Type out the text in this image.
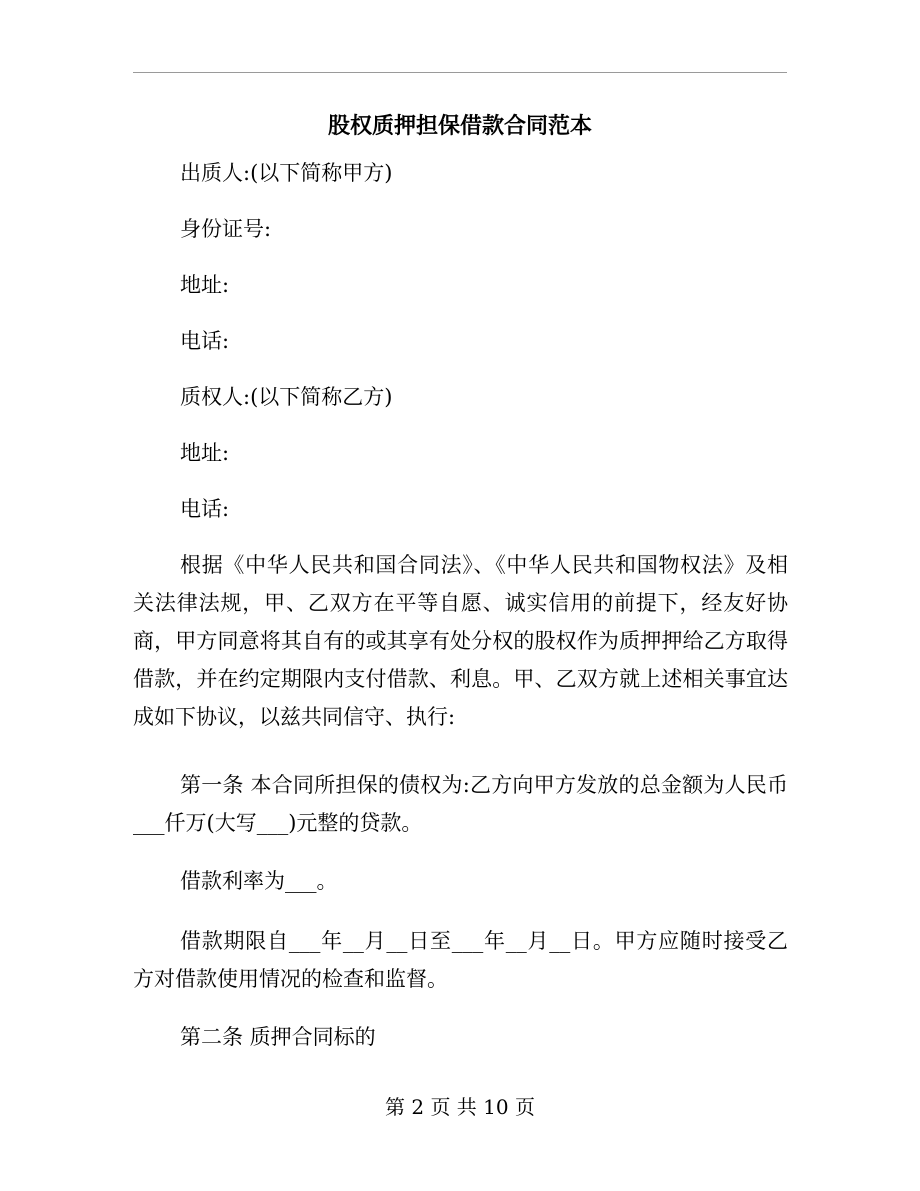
股权质押担保借款合同范本
出质人:(以下简称甲方)
身份证号:
地址:
电话:
质权人:(以下简称乙方)
地址:
电话:
根据《中华人民共和国合同法》、《中华人民共和国物权法》及相关法律法规，甲、乙双方在平等自愿、诚实信用的前提下，经友好协商，甲方同意将其自有的或其享有处分权的股权作为质押押给乙方取得借款，并在约定期限内支付借款、利息。甲、乙双方就上述相关事宜达成如下协议，以兹共同信守、执行:
第一条 本合同所担保的债权为:乙方向甲方发放的总金额为人民币___仟万(大写___)元整的贷款。
借款利率为___。
借款期限自___年__月__日至___年__月__日。甲方应随时接受乙方对借款使用情况的检查和监督。
第二条 质押合同标的
第 2 页 共 10 页
